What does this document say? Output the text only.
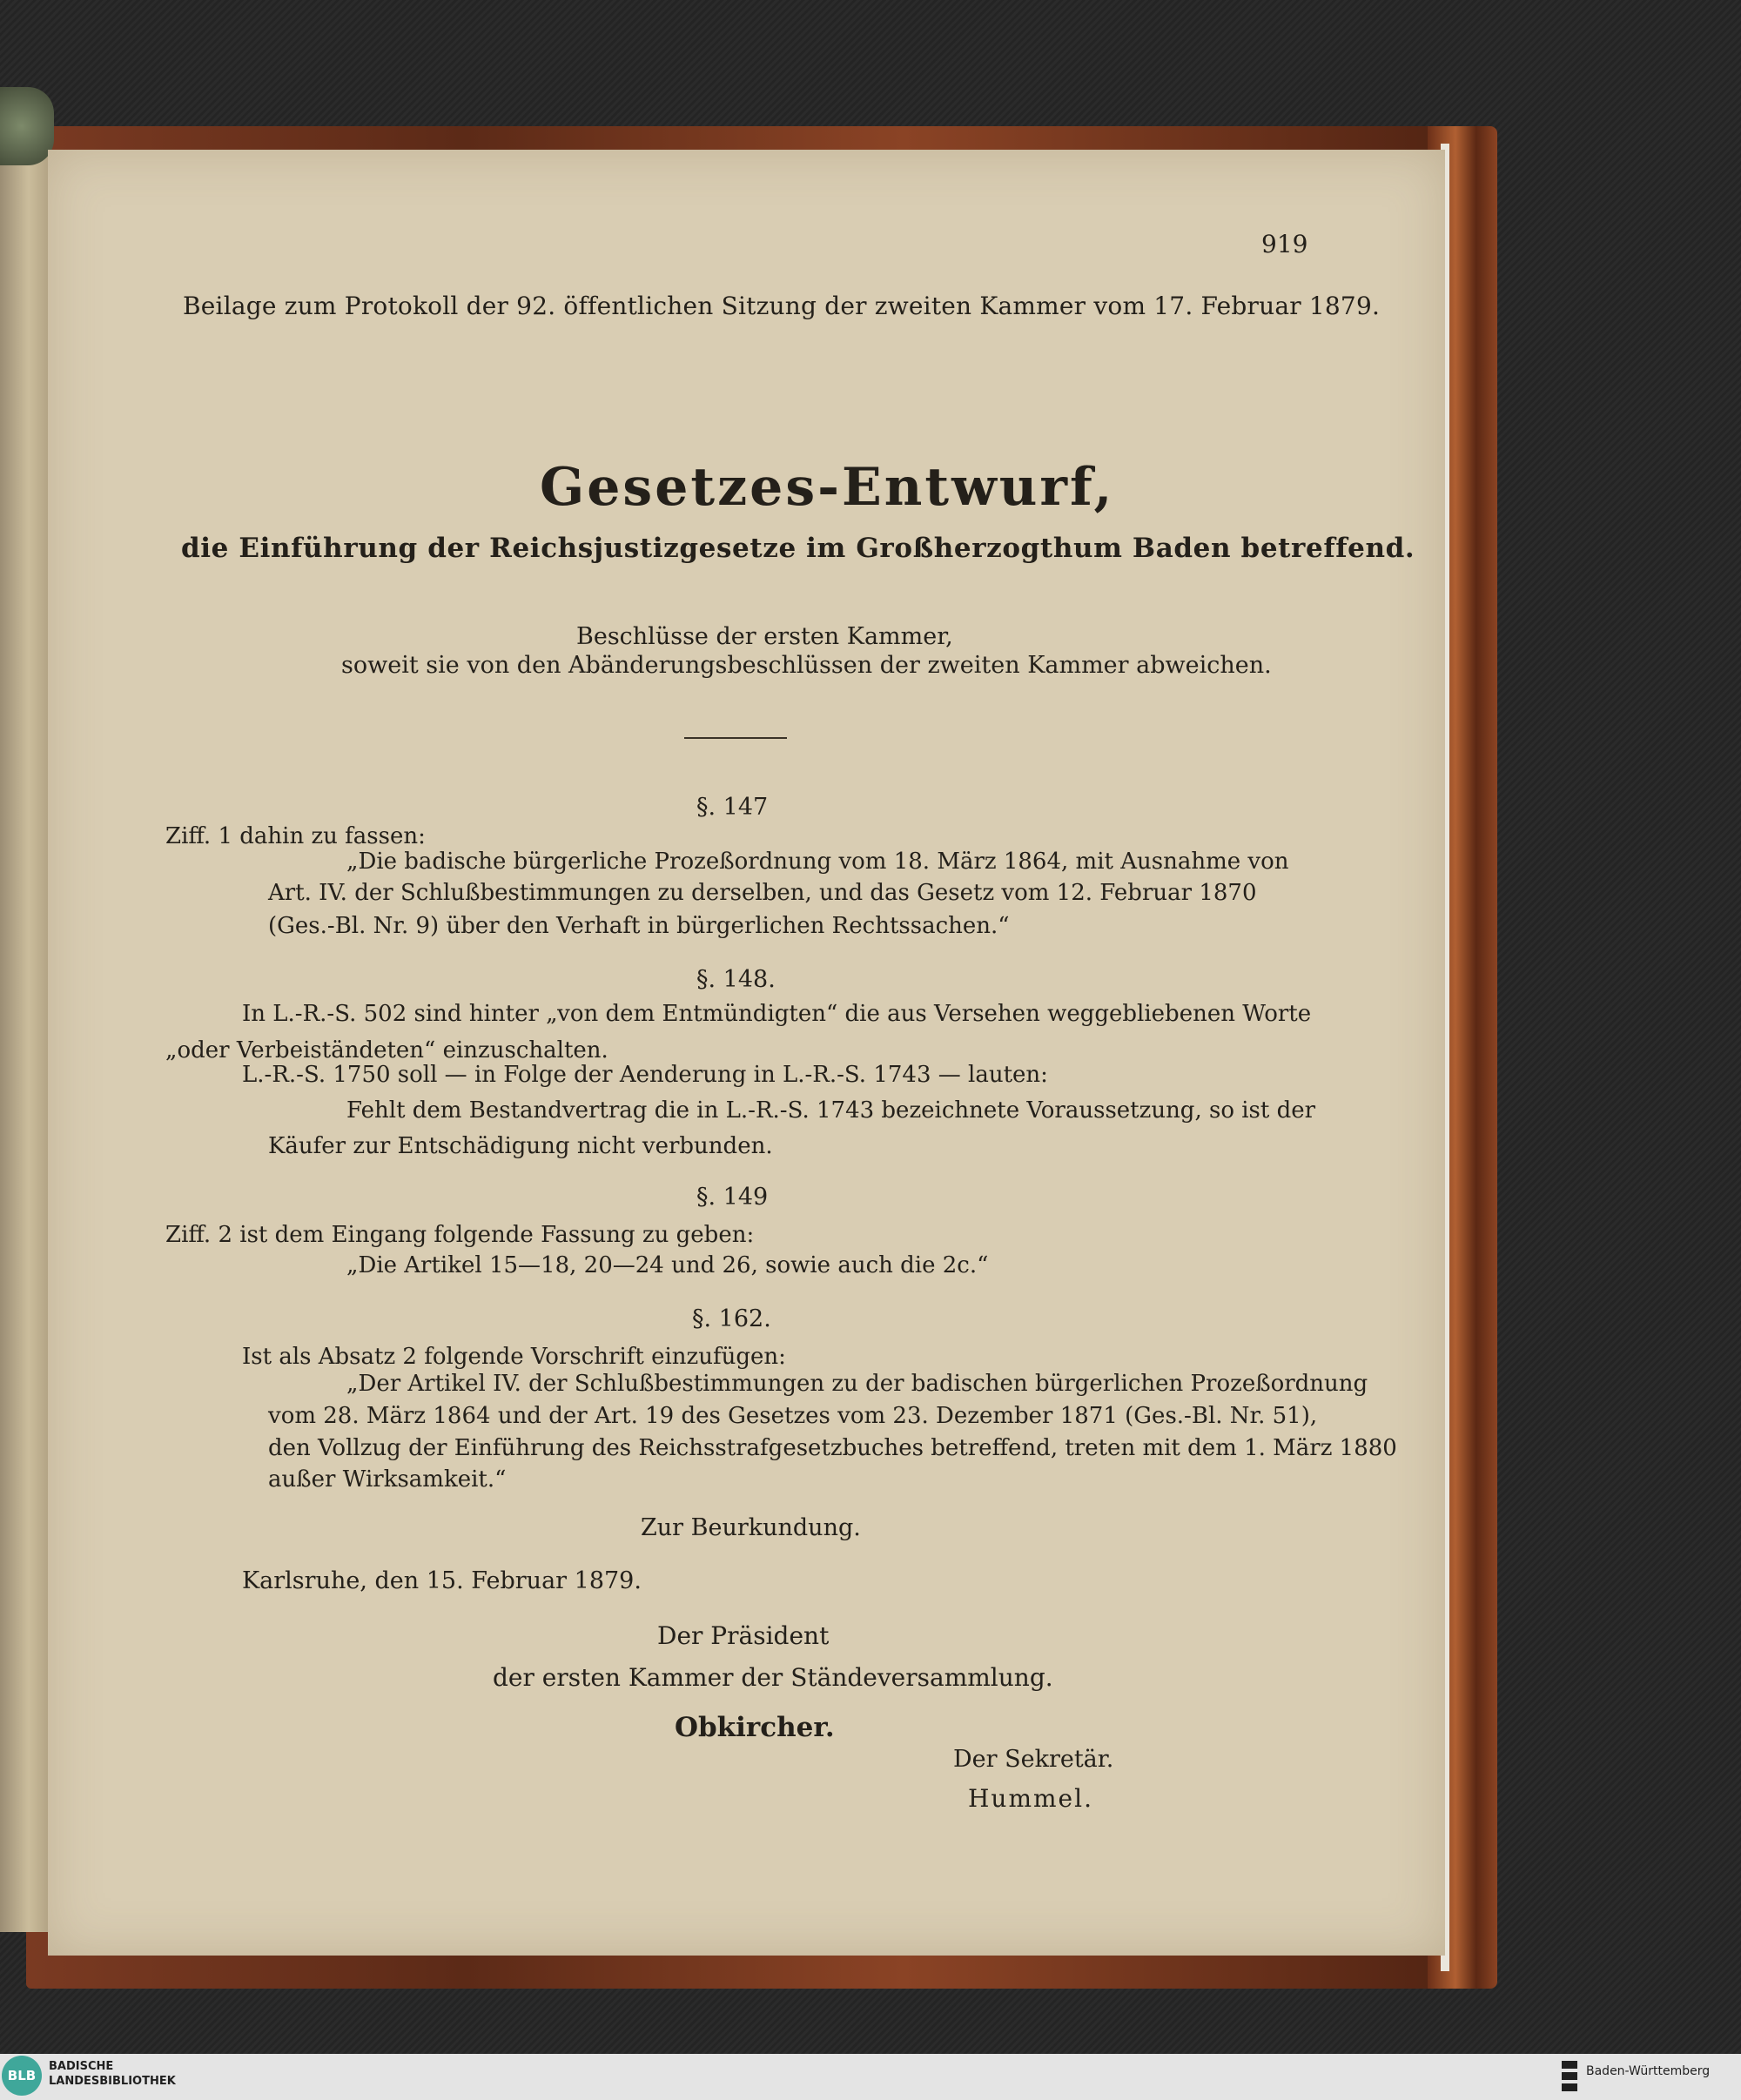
919
Beilage zum Protokoll der 92. öffentlichen Sitzung der zweiten Kammer vom 17. Februar 1879.
Gesetzes-Entwurf,
die Einführung der Reichsjustizgesetze im Großherzogthum Baden betreffend.
Beschlüsse der ersten Kammer,
soweit sie von den Abänderungsbeschlüssen der zweiten Kammer abweichen.
§. 147
Ziff. 1 dahin zu fassen:
„Die badische bürgerliche Prozeßordnung vom 18. März 1864, mit Ausnahme von
Art. IV. der Schlußbestimmungen zu derselben, und das Gesetz vom 12. Februar 1870
(Ges.-Bl. Nr. 9) über den Verhaft in bürgerlichen Rechtssachen.“
§. 148.
In L.-R.-S. 502 sind hinter „von dem Entmündigten“ die aus Versehen weggebliebenen Worte
„oder Verbeiständeten“ einzuschalten.
L.-R.-S. 1750 soll — in Folge der Aenderung in L.-R.-S. 1743 — lauten:
Fehlt dem Bestandvertrag die in L.-R.-S. 1743 bezeichnete Voraussetzung, so ist der
Käufer zur Entschädigung nicht verbunden.
§. 149
Ziff. 2 ist dem Eingang folgende Fassung zu geben:
„Die Artikel 15—18, 20—24 und 26, sowie auch die 2c.“
§. 162.
Ist als Absatz 2 folgende Vorschrift einzufügen:
„Der Artikel IV. der Schlußbestimmungen zu der badischen bürgerlichen Prozeßordnung
vom 28. März 1864 und der Art. 19 des Gesetzes vom 23. Dezember 1871 (Ges.-Bl. Nr. 51),
den Vollzug der Einführung des Reichsstrafgesetzbuches betreffend, treten mit dem 1. März 1880
außer Wirksamkeit.“
Zur Beurkundung.
Karlsruhe, den 15. Februar 1879.
Der Präsident
der ersten Kammer der Ständeversammlung.
Obkircher.
Der Sekretär.
Hummel.
BLB
BADISCHE
LANDESBIBLIOTHEK
Baden-Württemberg
